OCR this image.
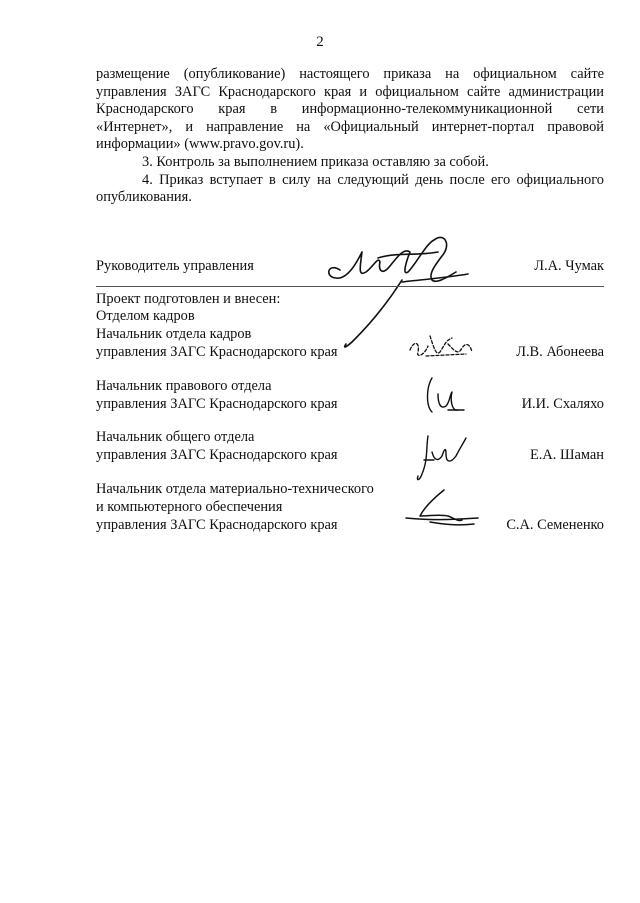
2

размещение (опубликование) настоящего приказа на официальном сайте

управления ЗАГС Краснодарского края и официальном сайте администрации

Краснодарского края в информационно-телекоммуникационной сети

«Интернет», и направление на «Официальный интернет-портал правовой

информации» (www.pravo.gov.ru).

3. Контроль за выполнением приказа оставляю за собой.

4. Приказ вступает в силу на следующий день после его официального

опубликования.

Руководитель управления	Л.А. Чумак
Проект подготовлен и внесен:
Отделом кадров
Начальник отдела кадров
управления ЗАГС Краснодарского края	Л.В. Абонеева
Начальник правового отдела
управления ЗАГС Краснодарского края	И.И. Схаляхо
Начальник общего отдела
управления ЗАГС Краснодарского края	Е.А. Шаман
Начальник отдела материально-технического
и компьютерного обеспечения
управления ЗАГС Краснодарского края	С.А. Семененко
